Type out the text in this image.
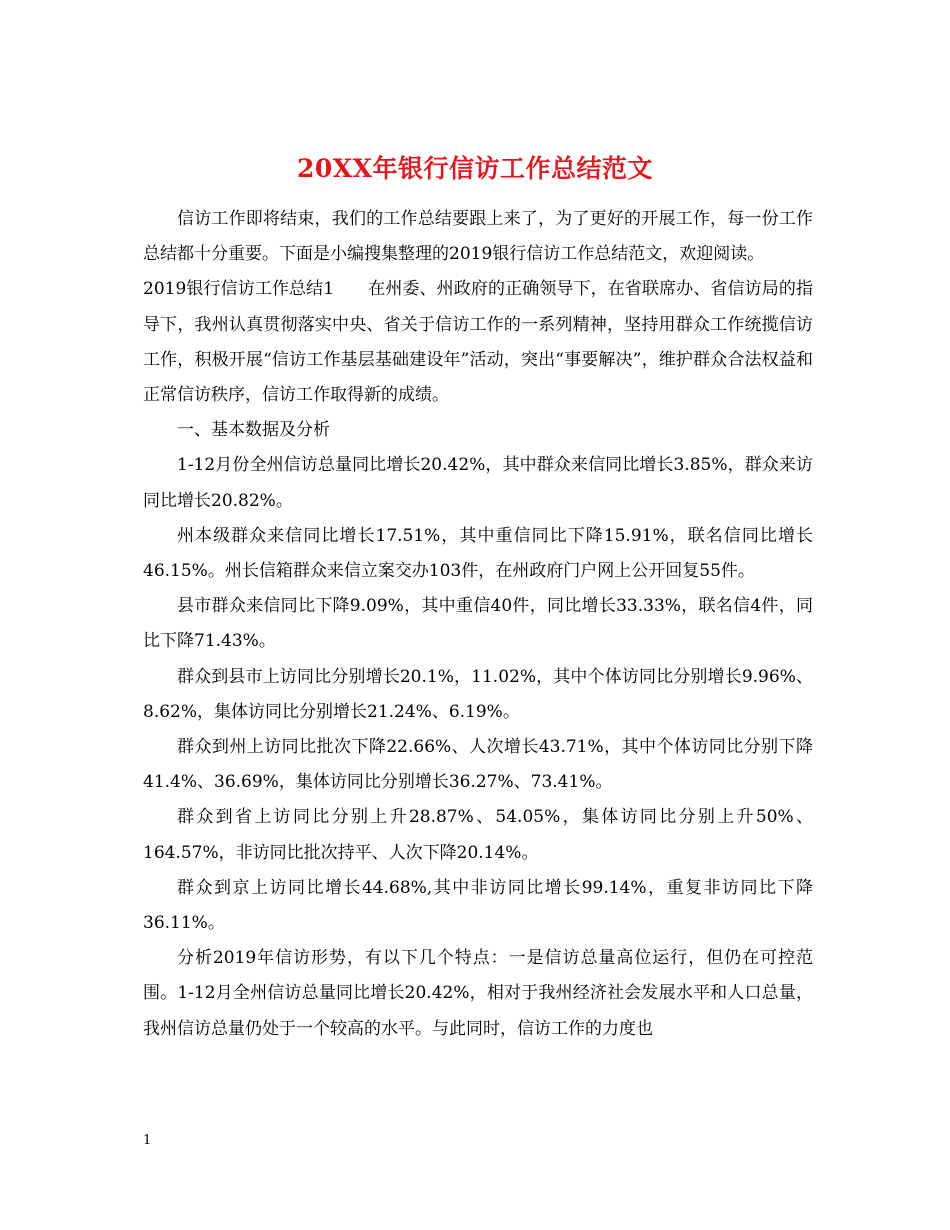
20XX年银行信访工作总结范文

信访工作即将结束，我们的工作总结要跟上来了，为了更好的开展工作，每一份工作总结都十分重要。下面是小编搜集整理的2019银行信访工作总结范文，欢迎阅读。

2019银行信访工作总结1 在州委、州政府的正确领导下，在省联席办、省信访局的指导下，我州认真贯彻落实中央、省关于信访工作的一系列精神，坚持用群众工作统揽信访工作，积极开展“信访工作基层基础建设年”活动，突出“事要解决”，维护群众合法权益和正常信访秩序，信访工作取得新的成绩。

一、基本数据及分析

1-12月份全州信访总量同比增长20.42%，其中群众来信同比增长3.85%，群众来访同比增长20.82%。

州本级群众来信同比增长17.51%，其中重信同比下降15.91%，联名信同比增长46.15%。州长信箱群众来信立案交办103件，在州政府门户网上公开回复55件。

县市群众来信同比下降9.09%，其中重信40件，同比增长33.33%，联名信4件，同比下降71.43%。

群众到县市上访同比分别增长20.1%，11.02%，其中个体访同比分别增长9.96%、8.62%，集体访同比分别增长21.24%、6.19%。

群众到州上访同比批次下降22.66%、人次增长43.71%，其中个体访同比分别下降41.4%、36.69%，集体访同比分别增长36.27%、73.41%。

群众到省上访同比分别上升28.87%、54.05%，集体访同比分别上升50%、164.57%，非访同比批次持平、人次下降20.14%。

群众到京上访同比增长44.68%,其中非访同比增长99.14%，重复非访同比下降36.11%。

分析2019年信访形势，有以下几个特点：一是信访总量高位运行，但仍在可控范围。1-12月全州信访总量同比增长20.42%，相对于我州经济社会发展水平和人口总量，我州信访总量仍处于一个较高的水平。与此同时，信访工作的力度也

1
